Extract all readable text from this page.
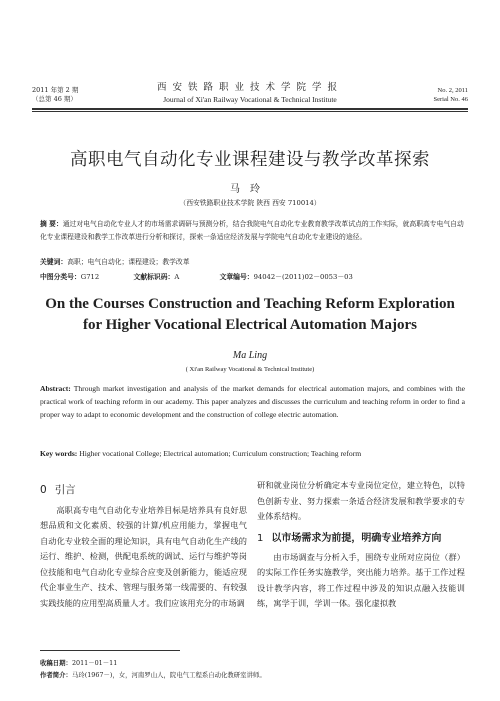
2011 年第 2 期
（总第 46 期）
西安铁路职业技术学院学报
Journal of Xi'an Railway Vocational & Technical Institute
No. 2, 2011
Serial No. 46
高职电气自动化专业课程建设与教学改革探索
马玲
（西安铁路职业技术学院 陕西 西安 710014）
摘 要：通过对电气自动化专业人才的市场需求调研与预测分析，结合我院电气自动化专业教育教学改革试点的工作实际，就高职高专电气自动化专业课程建设和教学工作改革进行分析和探讨，探索一条适应经济发展与学院电气自动化专业建设的途径。
关键词：高职；电气自动化；课程建设；教学改革
中图分类号：G712	文献标识码：A	文章编号：94042－(2011)02－0053－03
On the Courses Construction and Teaching Reform Exploration
for Higher Vocational Electrical Automation Majors
Ma Ling
( Xi'an Railway Vocational & Technical Institute)
Abstract: Through market investigation and analysis of the market demands for electrical automation majors, and combines with the practical work of teaching reform in our academy. This paper analyzes and discusses the curriculum and teaching reform in order to find a proper way to adapt to economic development and the construction of college electric automation.
Key words: Higher vocational College; Electrical automation; Curriculum construction; Teaching reform
0 引言
高职高专电气自动化专业培养目标是培养具有良好思想品质和文化素质、较强的计算/机应用能力，掌握电气自动化专业较全面的理论知识，具有电气自动化生产线的运行、维护、检测，供配电系统的调试、运行与维护等岗位技能和电气自动化专业综合应变及创新能力，能适应现代企事业生产、技术、管理与服务第一线需要的、有较强实践技能的应用型高质量人才。我们应该用充分的市场调
研和就业岗位分析确定本专业岗位定位，建立特色，以特色创新专业、努力探索一条适合经济发展和教学要求的专业体系结构。
1 以市场需求为前提，明确专业培养方向
由市场调查与分析入手，围绕专业所对应岗位（群）的实际工作任务实施教学，突出能力培养。基于工作过程设计教学内容，将工作过程中涉及的知识点融入技能训练，寓学于训，学训一体。强化虚拟教
收稿日期：2011－01－11
作者简介：马玲(1967－)，女，河南罗山人，院电气工程系自动化教研室讲师。
